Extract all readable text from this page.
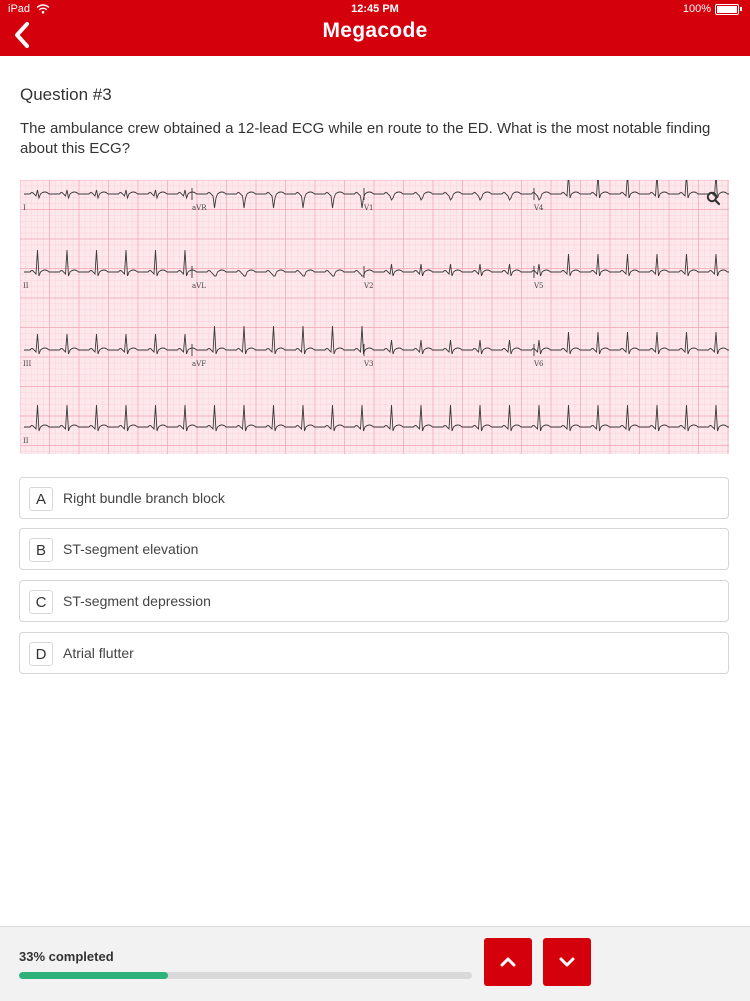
iPad	12:45 PM	100%
Megacode
Question #3
The ambulance crew obtained a 12-lead ECG while en route to the ED. What is the most notable finding about this ECG?
I	aVR	V1	V4
II	aVL	V2	V5
III	aVF	V3	V6
II
A	Right bundle branch block
B	ST-segment elevation
C	ST-segment depression
D	Atrial flutter
33% completed
